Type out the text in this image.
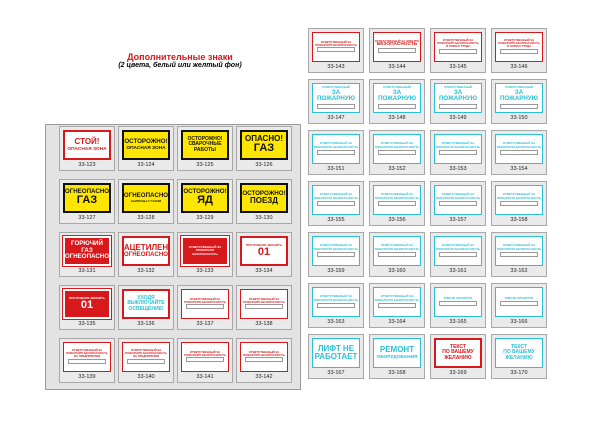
Дополнительные знаки
(2 цвета, белый или желтый фон)
СТОЙ!
ОПАСНАЯ ЗОНА
33-123
ОСТОРОЖНО!
ОПАСНАЯ ЗОНА
33-124
ОСТОРОЖНО!
СВАРОЧНЫЕ
РАБОТЫ
33-125
ОПАСНО!
ГАЗ
33-126
ОГНЕОПАСНО
ГАЗ
33-127
ОГНЕОПАСНО
БАЛЛОНЫ С ГАЗОМ
33-128
ОСТОРОЖНО!
ЯД
33-129
ОСТОРОЖНО!
ПОЕЗД
33-130
ГОРЮЧИЙ ГАЗ
ОГНЕОПАСНО
33-131
АЦЕТИЛЕН
ОГНЕОПАСНО
33-132
ОТВЕТСТВЕННЫЙ ЗА
ПОЖАРНУЮ БЕЗОПАСНОСТЬ
33-133
ПРИ ПОЖАРЕ ЗВОНИТЬ
01
33-134
ПРИ ПОЖАРЕ ЗВОНИТЬ
01
33-135
УХОДЯ
ВЫКЛЮЧАЙТЕ
ОСВЕЩЕНИЕ!
33-136
ОТВЕТСТВЕННЫЙ ЗА
ПОЖАРНУЮ БЕЗОПАСНОСТЬ
33-137
ОТВЕТСТВЕННЫЙ ЗА
ПОЖАРНУЮ БЕЗОПАСНОСТЬ
33-138
ОТВЕТСТВЕННЫЙ ЗА
ПОЖАРНУЮ БЕЗОПАСНОСТЬ
НА ПРЕДПРИЯТИИ
33-139
ОТВЕТСТВЕННЫЙ ЗА
ПОЖАРНУЮ БЕЗОПАСНОСТЬ
НА ПРЕДПРИЯТИИ
33-140
ОТВЕТСТВЕННЫЙ ЗА
ПОЖАРНУЮ БЕЗОПАСНОСТЬ
33-141
ОТВЕТСТВЕННЫЙ ЗА
ПОЖАРНУЮ БЕЗОПАСНОСТЬ
33-142
ОТВЕТСТВЕННЫЙ ЗА
ПОЖАРНУЮ БЕЗОПАСНОСТЬ
33-143
ОТВЕТСТВЕННЫЙ ЗА ЭЛЕКТРО
БЕЗОПАСНОСТЬ
33-144
ОТВЕТСТВЕННЫЙ ЗА
ПОЖАРНУЮ БЕЗОПАСНОСТЬ
И ОХРАНУ ТРУДА
33-145
ОТВЕТСТВЕННЫЙ ЗА
ПОЖАРНУЮ БЕЗОПАСНОСТЬ
И ОХРАНУ ТРУДА
33-146
ОТВЕТСТВЕННЫЙ
ЗА ПОЖАРНУЮ
33-147
ОТВЕТСТВЕННЫЙ
ЗА ПОЖАРНУЮ
33-148
ОТВЕТСТВЕННЫЙ
ЗА ПОЖАРНУЮ
33-149
ОТВЕТСТВЕННЫЙ
ЗА ПОЖАРНУЮ
33-150
ОТВЕТСТВЕННЫЙ ЗА
ПОЖАРНУЮ БЕЗОПАСНОСТЬ
33-151
ОТВЕТСТВЕННЫЙ ЗА
ПОЖАРНУЮ БЕЗОПАСНОСТЬ
33-152
ОТВЕТСТВЕННЫЙ ЗА
ПОЖАРНУЮ БЕЗОПАСНОСТЬ
33-153
ОТВЕТСТВЕННЫЙ ЗА
ПОЖАРНУЮ БЕЗОПАСНОСТЬ
33-154
ОТВЕТСТВЕННЫЙ ЗА
ПОЖАРНУЮ БЕЗОПАСНОСТЬ
33-155
ОТВЕТСТВЕННЫЙ ЗА
ПОЖАРНУЮ БЕЗОПАСНОСТЬ
33-156
ОТВЕТСТВЕННЫЙ ЗА
ПОЖАРНУЮ БЕЗОПАСНОСТЬ
33-157
ОТВЕТСТВЕННЫЙ ЗА
ПОЖАРНУЮ БЕЗОПАСНОСТЬ
33-158
ОТВЕТСТВЕННЫЙ ЗА
ПОЖАРНУЮ БЕЗОПАСНОСТЬ
33-159
ОТВЕТСТВЕННЫЙ ЗА
ПОЖАРНУЮ БЕЗОПАСНОСТЬ
33-160
ОТВЕТСТВЕННЫЙ ЗА
ПОЖАРНУЮ БЕЗОПАСНОСТЬ
33-161
ОТВЕТСТВЕННЫЙ ЗА
ПОЖАРНУЮ БЕЗОПАСНОСТЬ
33-162
ОТВЕТСТВЕННЫЙ ЗА
ПОЖАРНУЮ БЕЗОПАСНОСТЬ
33-163
ОТВЕТСТВЕННЫЙ ЗА
ПОЖАРНУЮ БЕЗОПАСНОСТЬ
33-164
КЛЮЧИ ХРАНЯТСЯ
33-165
КЛЮЧИ ХРАНЯТСЯ
33-166
ЛИФТ НЕ
РАБОТАЕТ
33-167
РЕМОНТ
ОБОРУДОВАНИЯ
33-168
ТЕКСТ
ПО ВАШЕМУ
ЖЕЛАНИЮ
33-169
ТЕКСТ
ПО ВАШЕМУ
ЖЕЛАНИЮ
33-170
